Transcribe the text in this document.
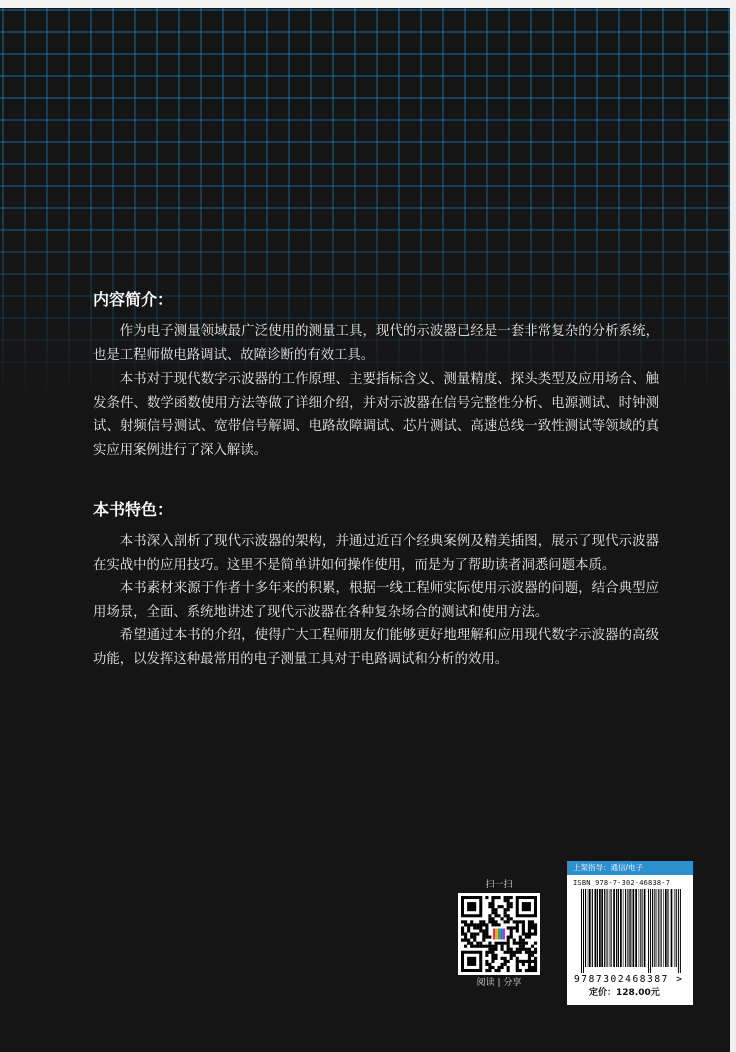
内容简介：

作为电子测量领域最广泛使用的测量工具，现代的示波器已经是一套非常复杂的分析系统，也是工程师做电路调试、故障诊断的有效工具。

本书对于现代数字示波器的工作原理、主要指标含义、测量精度、探头类型及应用场合、触发条件、数学函数使用方法等做了详细介绍，并对示波器在信号完整性分析、电源测试、时钟测试、射频信号测试、宽带信号解调、电路故障调试、芯片测试、高速总线一致性测试等领域的真实应用案例进行了深入解读。

本书特色：

本书深入剖析了现代示波器的架构，并通过近百个经典案例及精美插图，展示了现代示波器在实战中的应用技巧。这里不是简单讲如何操作使用，而是为了帮助读者洞悉问题本质。

本书素材来源于作者十多年来的积累，根据一线工程师实际使用示波器的问题，结合典型应用场景，全面、系统地讲述了现代示波器在各种复杂场合的测试和使用方法。

希望通过本书的介绍，使得广大工程师朋友们能够更好地理解和应用现代数字示波器的高级功能，以发挥这种最常用的电子测量工具对于电路调试和分析的效用。

扫一扫
阅读 | 分享
上架指导：通信/电子
ISBN 978-7-302-46838-7
9787302468387 >
定价：128.00元
